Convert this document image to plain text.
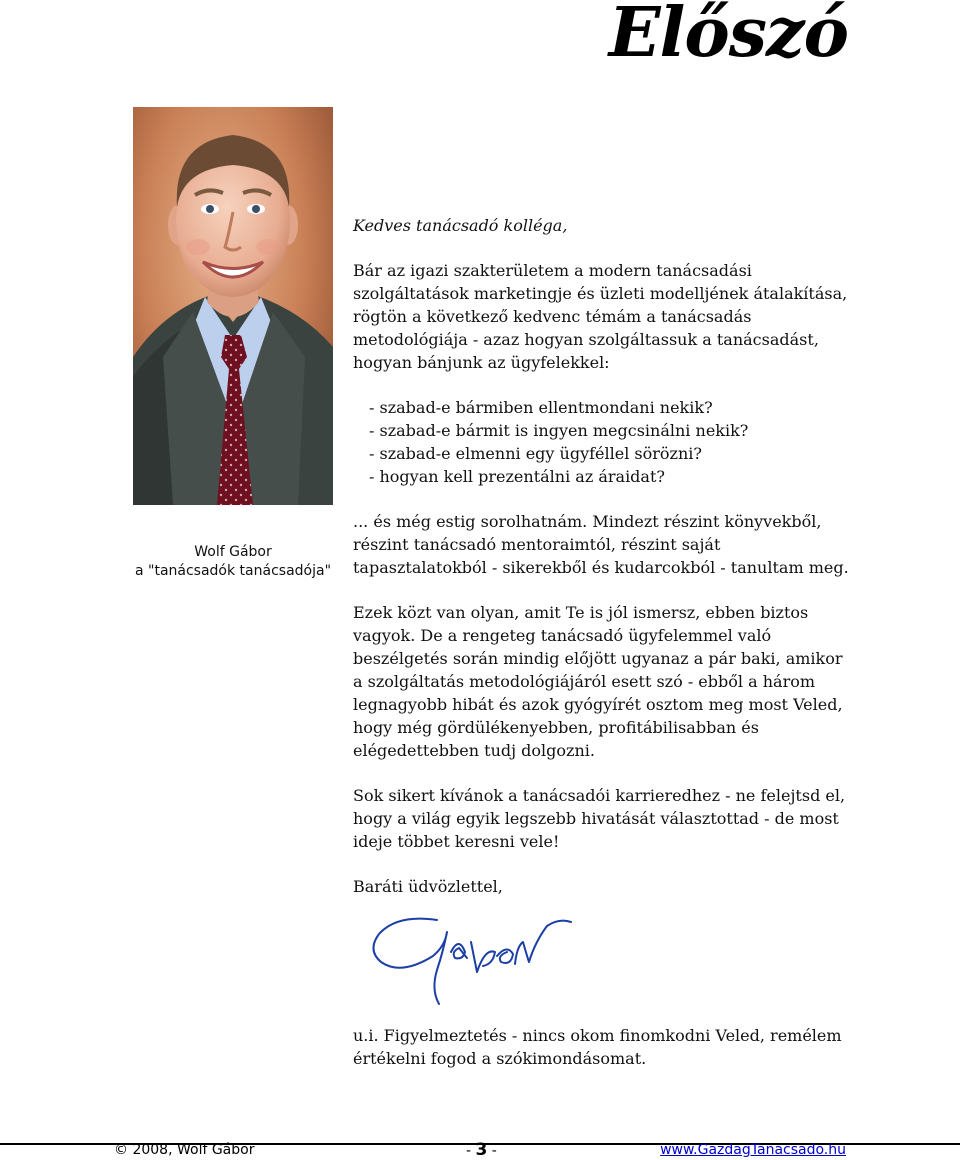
Előszó
Wolf Gábor
a "tanácsadók tanácsadója"

Kedves tanácsadó kolléga,

Bár az igazi szakterületem a modern tanácsadási szolgáltatások marketingje és üzleti modelljének átalakítása, rögtön a következő kedvenc témám a tanácsadás metodológiája - azaz hogyan szolgáltassuk a tanácsadást, hogyan bánjunk az ügyfelekkel:

- szabad-e bármiben ellentmondani nekik?
- szabad-e bármit is ingyen megcsinálni nekik?
- szabad-e elmenni egy ügyféllel sörözni?
- hogyan kell prezentálni az áraidat?

... és még estig sorolhatnám. Mindezt részint könyvekből, részint tanácsadó mentoraimtól, részint saját tapasztalatokból - sikerekből és kudarcokból - tanultam meg.

Ezek közt van olyan, amit Te is jól ismersz, ebben biztos vagyok. De a rengeteg tanácsadó ügyfelemmel való beszélgetés során mindig előjött ugyanaz a pár baki, amikor a szolgáltatás metodológiájáról esett szó - ebből a három legnagyobb hibát és azok gyógyírét osztom meg most Veled, hogy még gördülékenyebben, profitábilisabban és elégedettebben tudj dolgozni.

Sok sikert kívánok a tanácsadói karrieredhez - ne felejtsd el, hogy a világ egyik legszebb hivatását választottad - de most ideje többet keresni vele!

Baráti üdvözlettel,

u.i. Figyelmeztetés - nincs okom finomkodni Veled, remélem értékelni fogod a szókimondásomat.

© 2008, Wolf Gábor	- 3 -	www.GazdagTanacsado.hu
